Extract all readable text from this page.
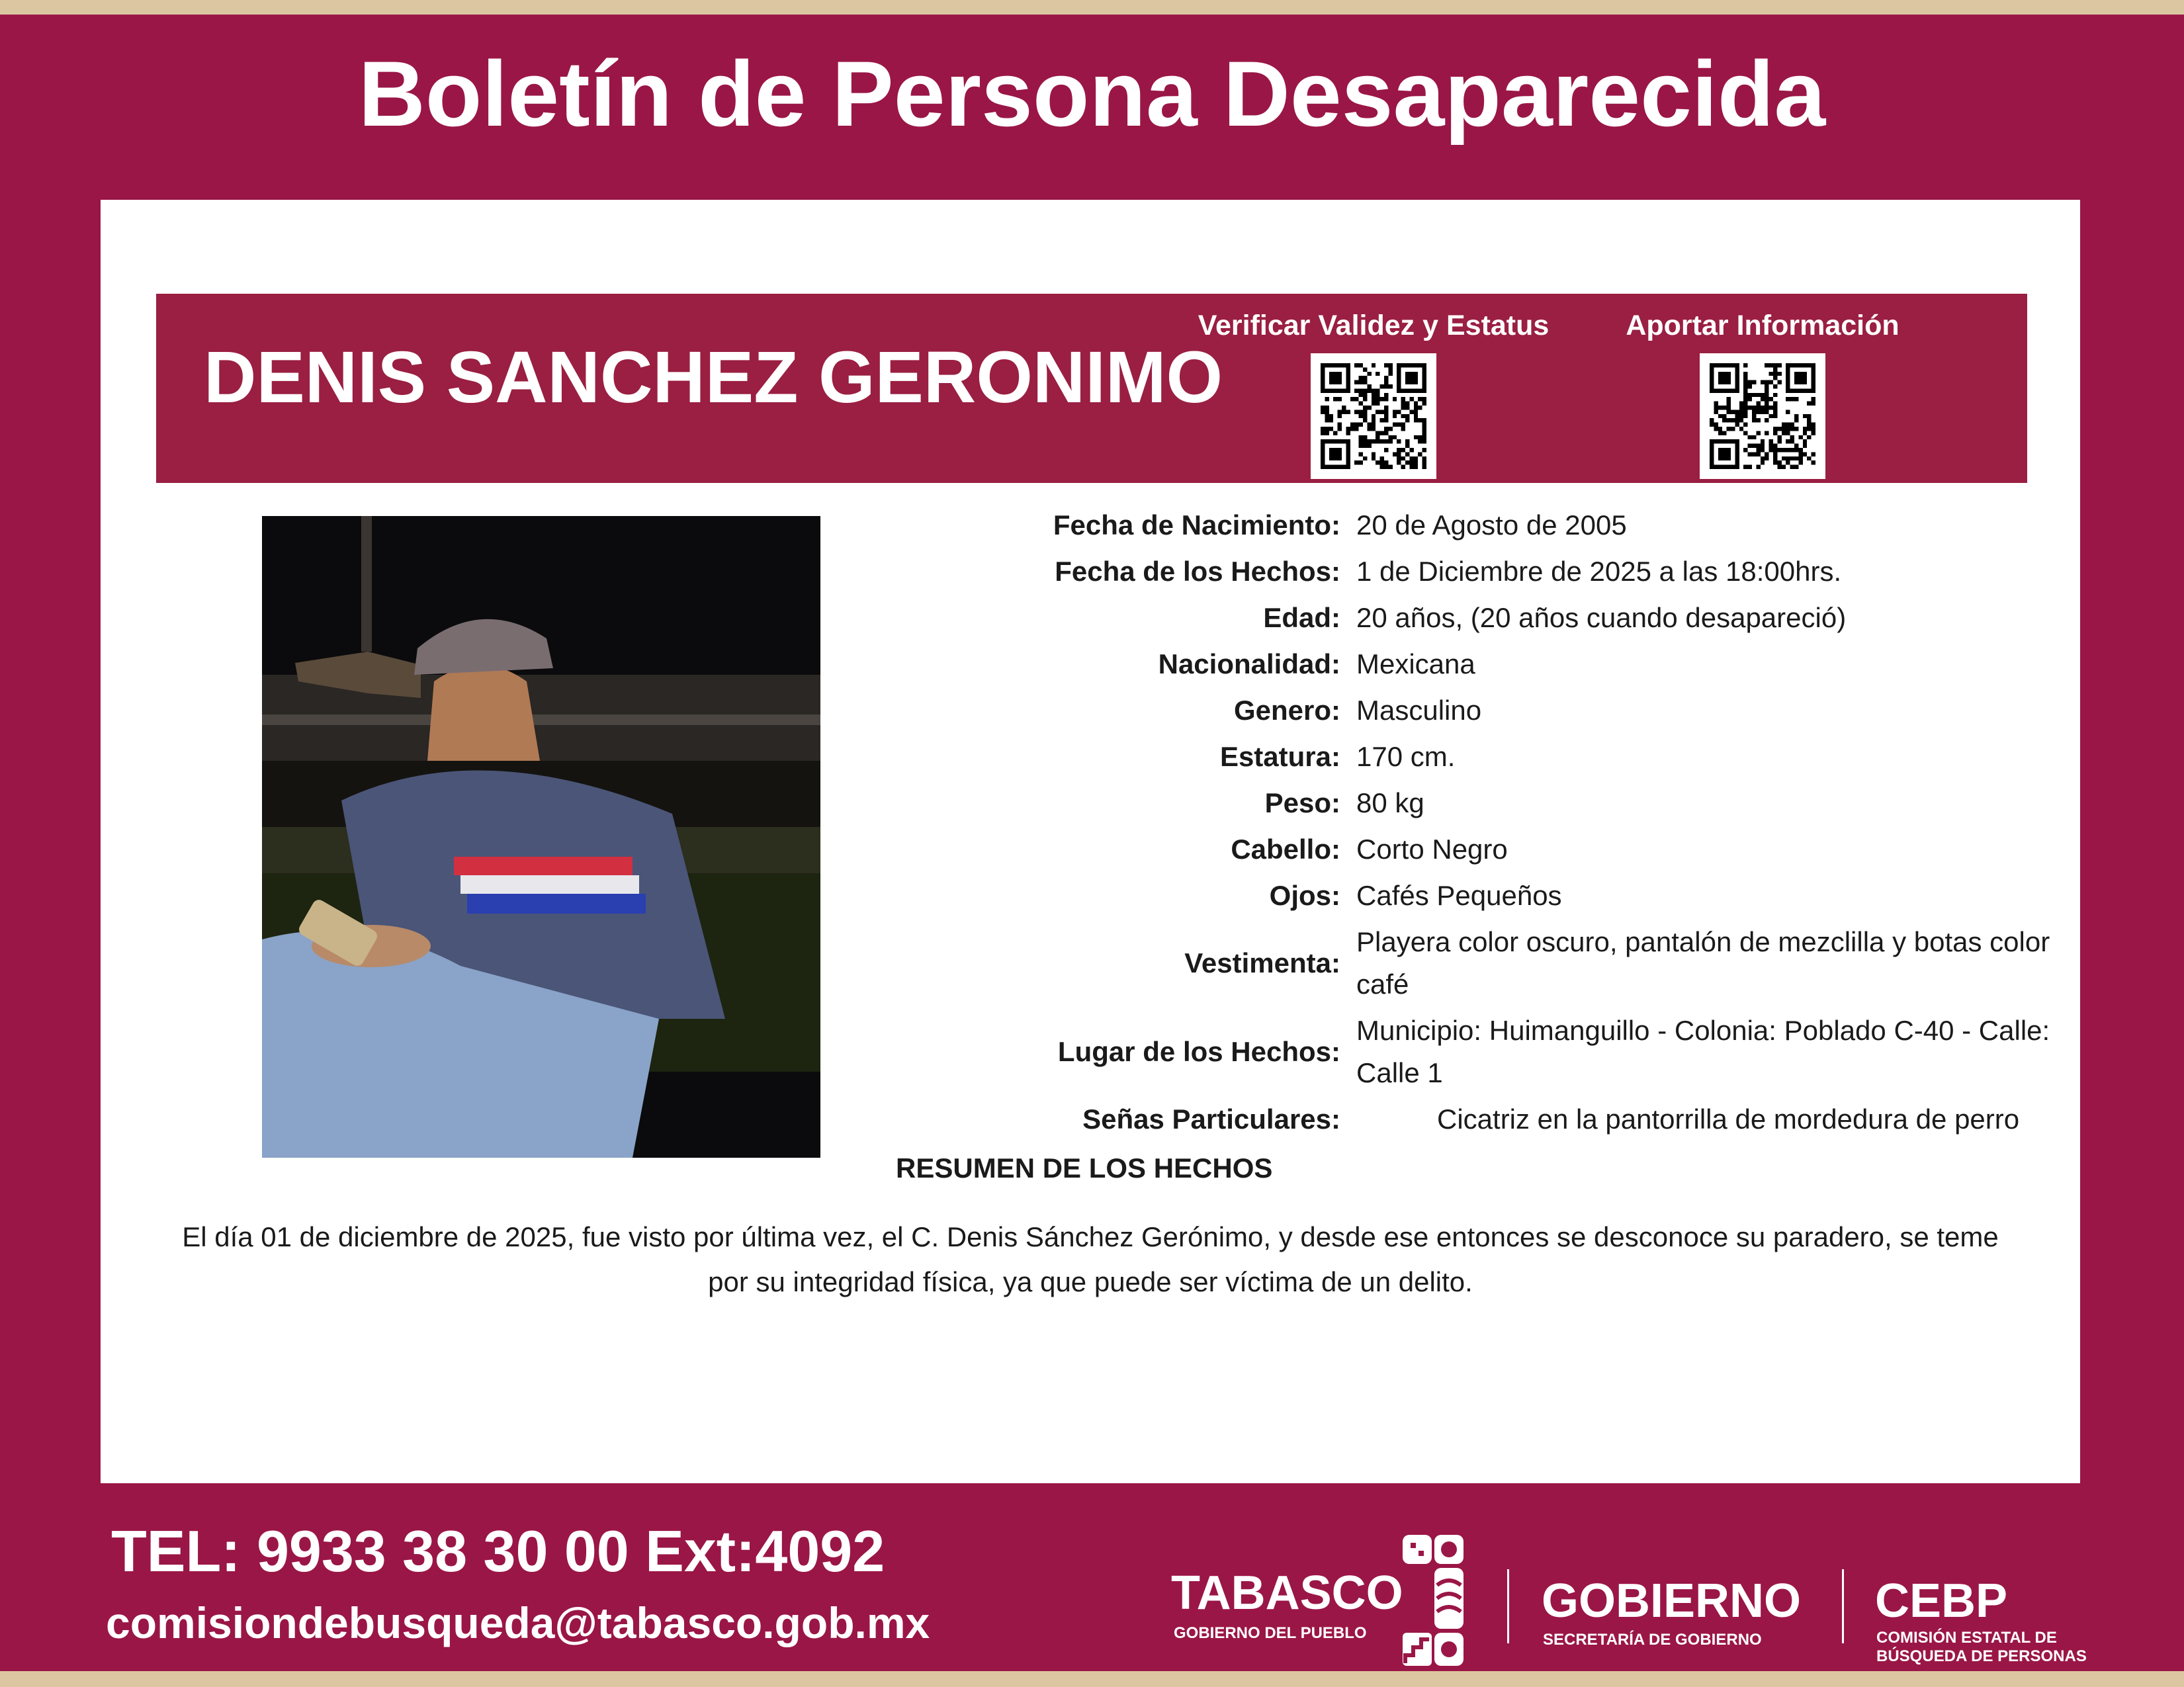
Boletín de Persona Desaparecida
DENIS SANCHEZ GERONIMO
Verificar Validez y Estatus	Aportar Información
Fecha de Nacimiento: 20 de Agosto de 2005
Fecha de los Hechos: 1 de Diciembre de 2025 a las 18:00hrs.
Edad: 20 años, (20 años cuando desapareció)
Nacionalidad: Mexicana
Genero: Masculino
Estatura: 170 cm.
Peso: 80 kg
Cabello: Corto Negro
Ojos: Cafés Pequeños
Vestimenta:
Playera color oscuro, pantalón de mezclilla y botas color café
Lugar de los Hechos:
Municipio: Huimanguillo - Colonia: Poblado C-40 - Calle: Calle 1
Señas Particulares:	Cicatriz en la pantorrilla de mordedura de perro
RESUMEN DE LOS HECHOS

El día 01 de diciembre de 2025, fue visto por última vez, el C. Denis Sánchez Gerónimo, y desde ese entonces se desconoce su paradero, se teme por su integridad física, ya que puede ser víctima de un delito.

TEL: 9933 38 30 00 Ext:4092
comisiondebusqueda@tabasco.gob.mx
TABASCO
GOBIERNO DEL PUEBLO
GOBIERNO
SECRETARÍA DE GOBIERNO
CEBP
COMISIÓN ESTATAL DE BÚSQUEDA DE PERSONAS
